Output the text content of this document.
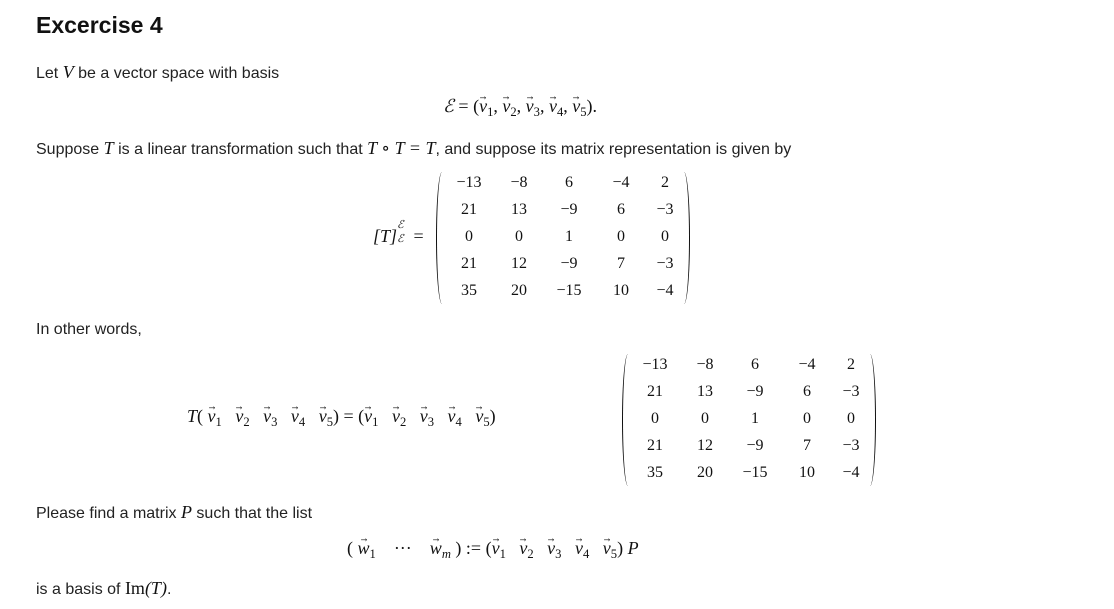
Excercise 4
Let V be a vector space with basis
ℰ = (→ $v_1$, → $v_2$, → $v_3$, → $v_4$, → $v_5$).
Suppose T is a linear transformation such that T ∘ T = T, and suppose its matrix representation is given by
[T]
ℰ
ℰ =
−13	−8	6	−4	2
21	13	−9	6	−3
0	0	1	0	0
21	12	−9	7	−3
35	20	−15	10	−4
In other words,
$T( \to v_1 \to v_2 \to v_3 \to v_4 \to v_5)$ = (→ $v_1 \to v_2 \to v_3 \to v_4 \to v_5$)
−13	−8	6	−4	2
21	13	−9	6	−3
0	0	1	0	0
21	12	−9	7	−3
35	20	−15	10	−4
Please find a matrix P such that the list
( → $w_1$ ··· → $w_m$ ) := (→ $v_1 \to v_2 \to v_3 \to v_4 \to v_5$) P
is a basis of Im(T).
